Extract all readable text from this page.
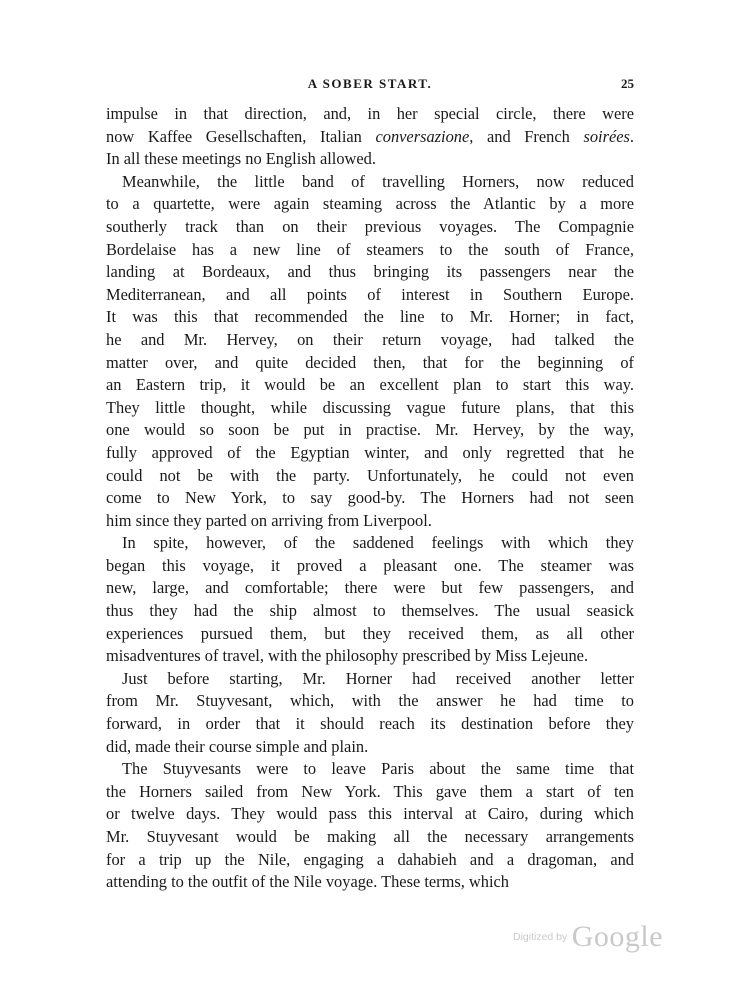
A SOBER START.	25

impulse in that direction, and, in her special circle, there were
now Kaffee Gesellschaften, Italian conversazione, and French soirées.
In all these meetings no English allowed.

Meanwhile, the little band of travelling Horners, now reduced
to a quartette, were again steaming across the Atlantic by a more
southerly track than on their previous voyages. The Compagnie
Bordelaise has a new line of steamers to the south of France,
landing at Bordeaux, and thus bringing its passengers near the
Mediterranean, and all points of interest in Southern Europe.
It was this that recommended the line to Mr. Horner; in fact,
he and Mr. Hervey, on their return voyage, had talked the
matter over, and quite decided then, that for the beginning of
an Eastern trip, it would be an excellent plan to start this way.
They little thought, while discussing vague future plans, that this
one would so soon be put in practise. Mr. Hervey, by the way,
fully approved of the Egyptian winter, and only regretted that he
could not be with the party. Unfortunately, he could not even
come to New York, to say good-by. The Horners had not seen
him since they parted on arriving from Liverpool.

In spite, however, of the saddened feelings with which they
began this voyage, it proved a pleasant one. The steamer was
new, large, and comfortable; there were but few passengers, and
thus they had the ship almost to themselves. The usual seasick
experiences pursued them, but they received them, as all other
misadventures of travel, with the philosophy prescribed by Miss Lejeune.

Just before starting, Mr. Horner had received another letter
from Mr. Stuyvesant, which, with the answer he had time to
forward, in order that it should reach its destination before they
did, made their course simple and plain.

The Stuyvesants were to leave Paris about the same time that
the Horners sailed from New York. This gave them a start of ten
or twelve days. They would pass this interval at Cairo, during which
Mr. Stuyvesant would be making all the necessary arrangements
for a trip up the Nile, engaging a dahabieh and a dragoman, and
attending to the outfit of the Nile voyage. These terms, which

$^{Digitized by}$ Google
